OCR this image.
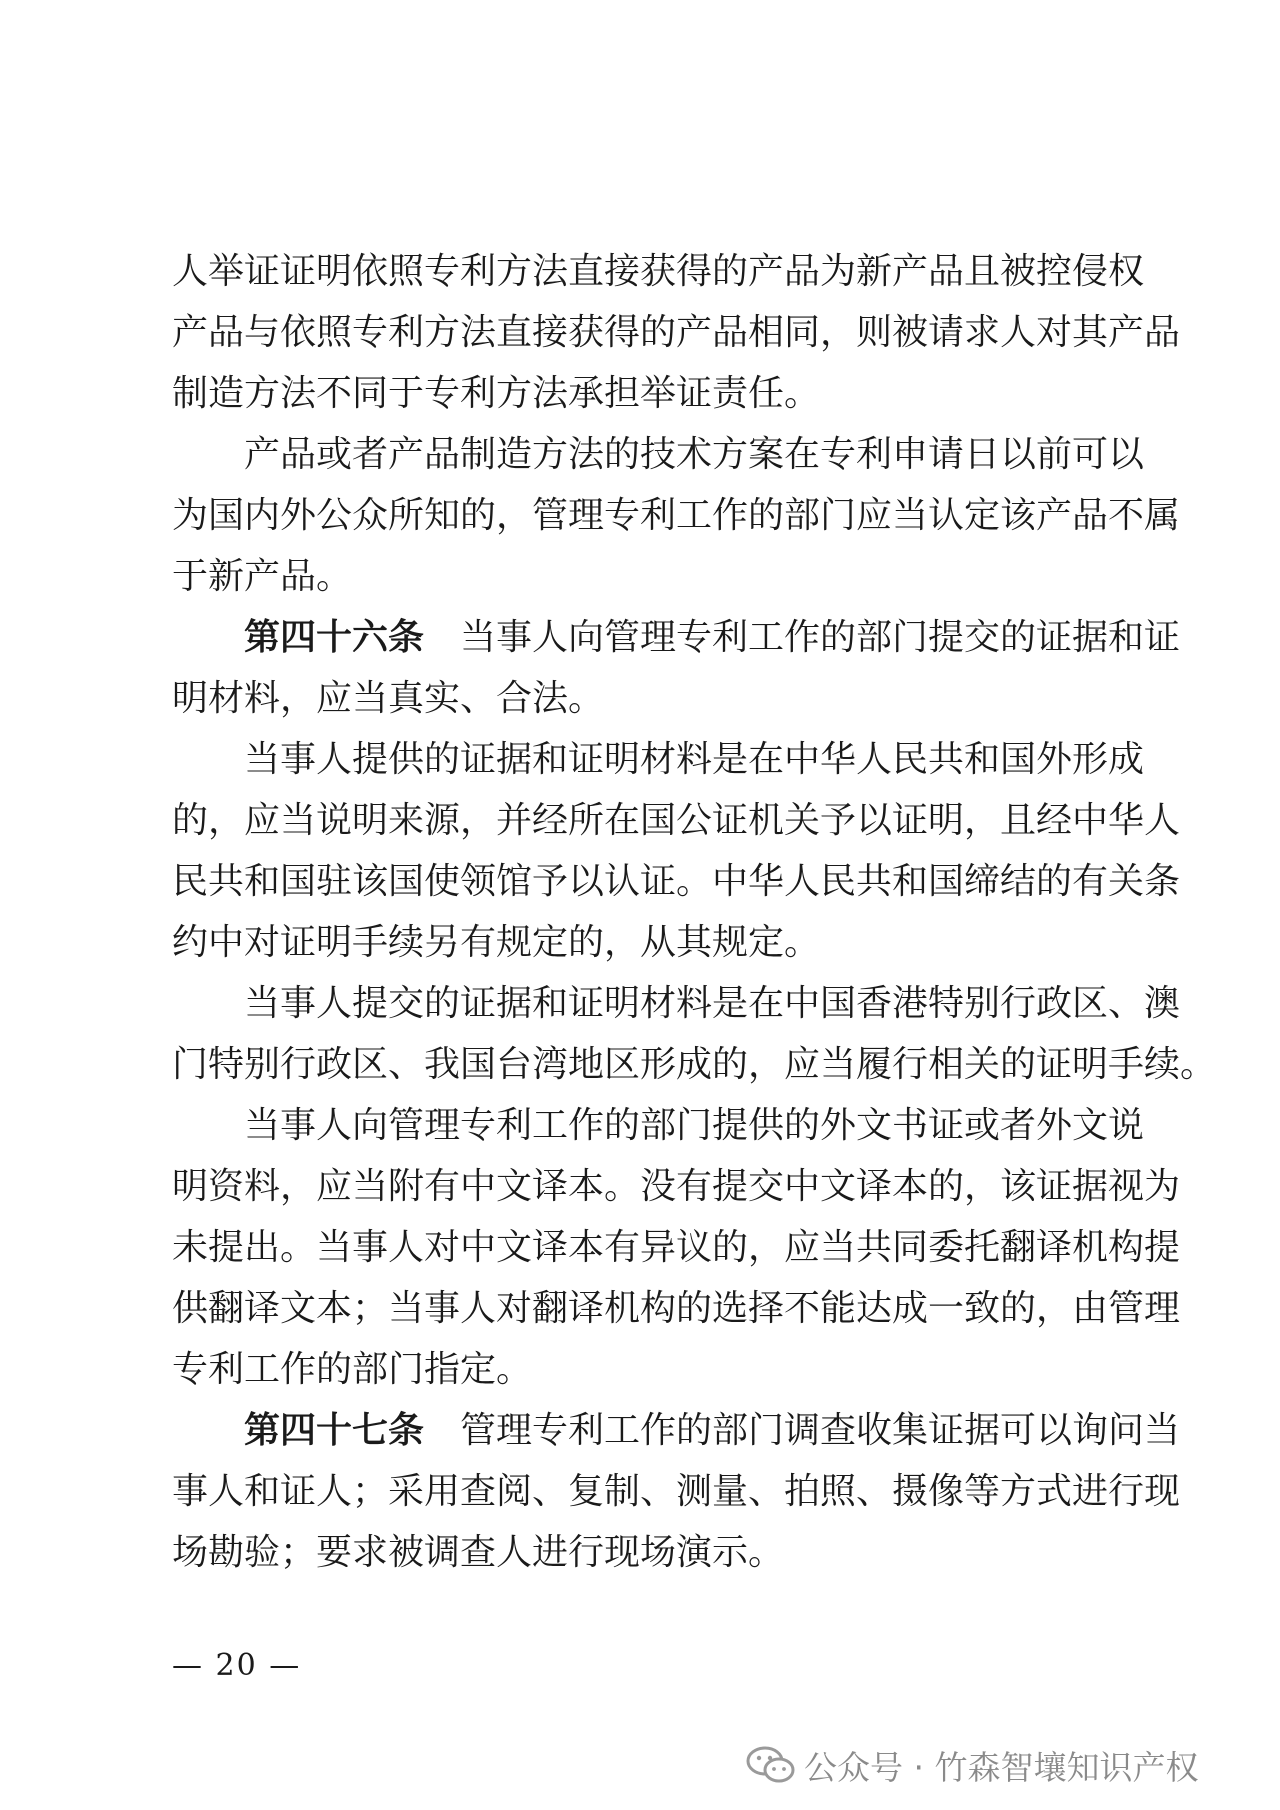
人举证证明依照专利方法直接获得的产品为新产品且被控侵权
产品与依照专利方法直接获得的产品相同，则被请求人对其产品
制造方法不同于专利方法承担举证责任。
产品或者产品制造方法的技术方案在专利申请日以前可以
为国内外公众所知的，管理专利工作的部门应当认定该产品不属
于新产品。
第四十六条　 当事人向管理专利工作的部门提交的证据和证
明材料，应当真实、合法。
当事人提供的证据和证明材料是在中华人民共和国外形成
的，应当说明来源，并经所在国公证机关予以证明，且经中华人
民共和国驻该国使领馆予以认证。中华人民共和国缔结的有关条
约中对证明手续另有规定的，从其规定。
当事人提交的证据和证明材料是在中国香港特别行政区、澳
门特别行政区、我国台湾地区形成的，应当履行相关的证明手续。
当事人向管理专利工作的部门提供的外文书证或者外文说
明资料，应当附有中文译本。没有提交中文译本的，该证据视为
未提出。当事人对中文译本有异议的，应当共同委托翻译机构提
供翻译文本；当事人对翻译机构的选择不能达成一致的，由管理
专利工作的部门指定。
第四十七条　 管理专利工作的部门调查收集证据可以询问当
事人和证人；采用查阅、复制、测量、拍照、摄像等方式进行现
场勘验；要求被调查人进行现场演示。
— 20 —
公众号 · 竹森智壤知识产权
